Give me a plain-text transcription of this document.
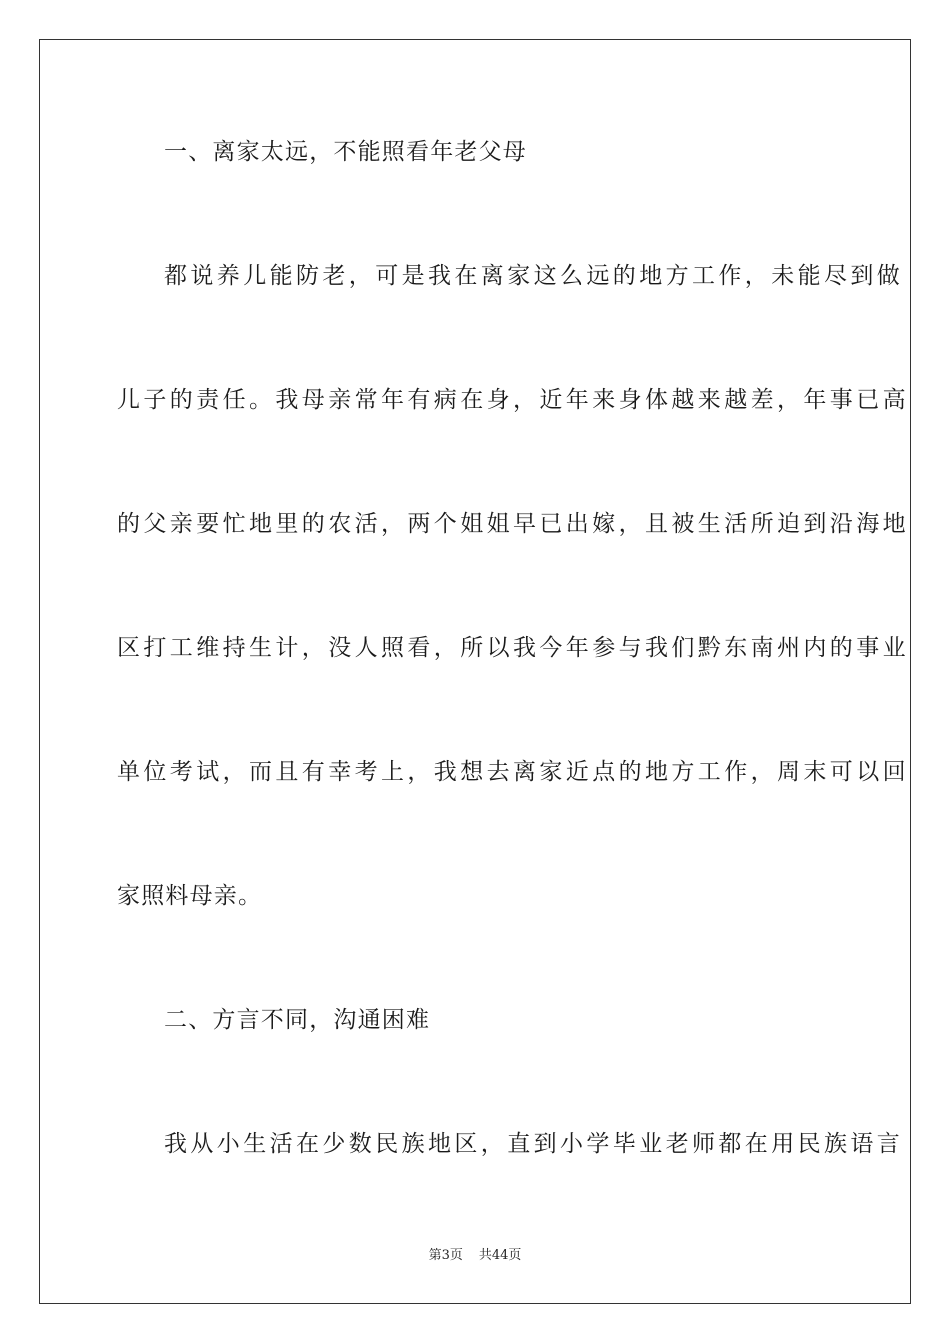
一、离家太远，不能照看年老父母

都说养儿能防老，可是我在离家这么远的地方工作，未能尽到做

儿子的责任。我母亲常年有病在身，近年来身体越来越差，年事已高

的父亲要忙地里的农活，两个姐姐早已出嫁，且被生活所迫到沿海地

区打工维持生计，没人照看，所以我今年参与我们黔东南州内的事业

单位考试，而且有幸考上，我想去离家近点的地方工作，周末可以回

家照料母亲。

二、方言不同，沟通困难

我从小生活在少数民族地区，直到小学毕业老师都在用民族语言

第3页 共44页
